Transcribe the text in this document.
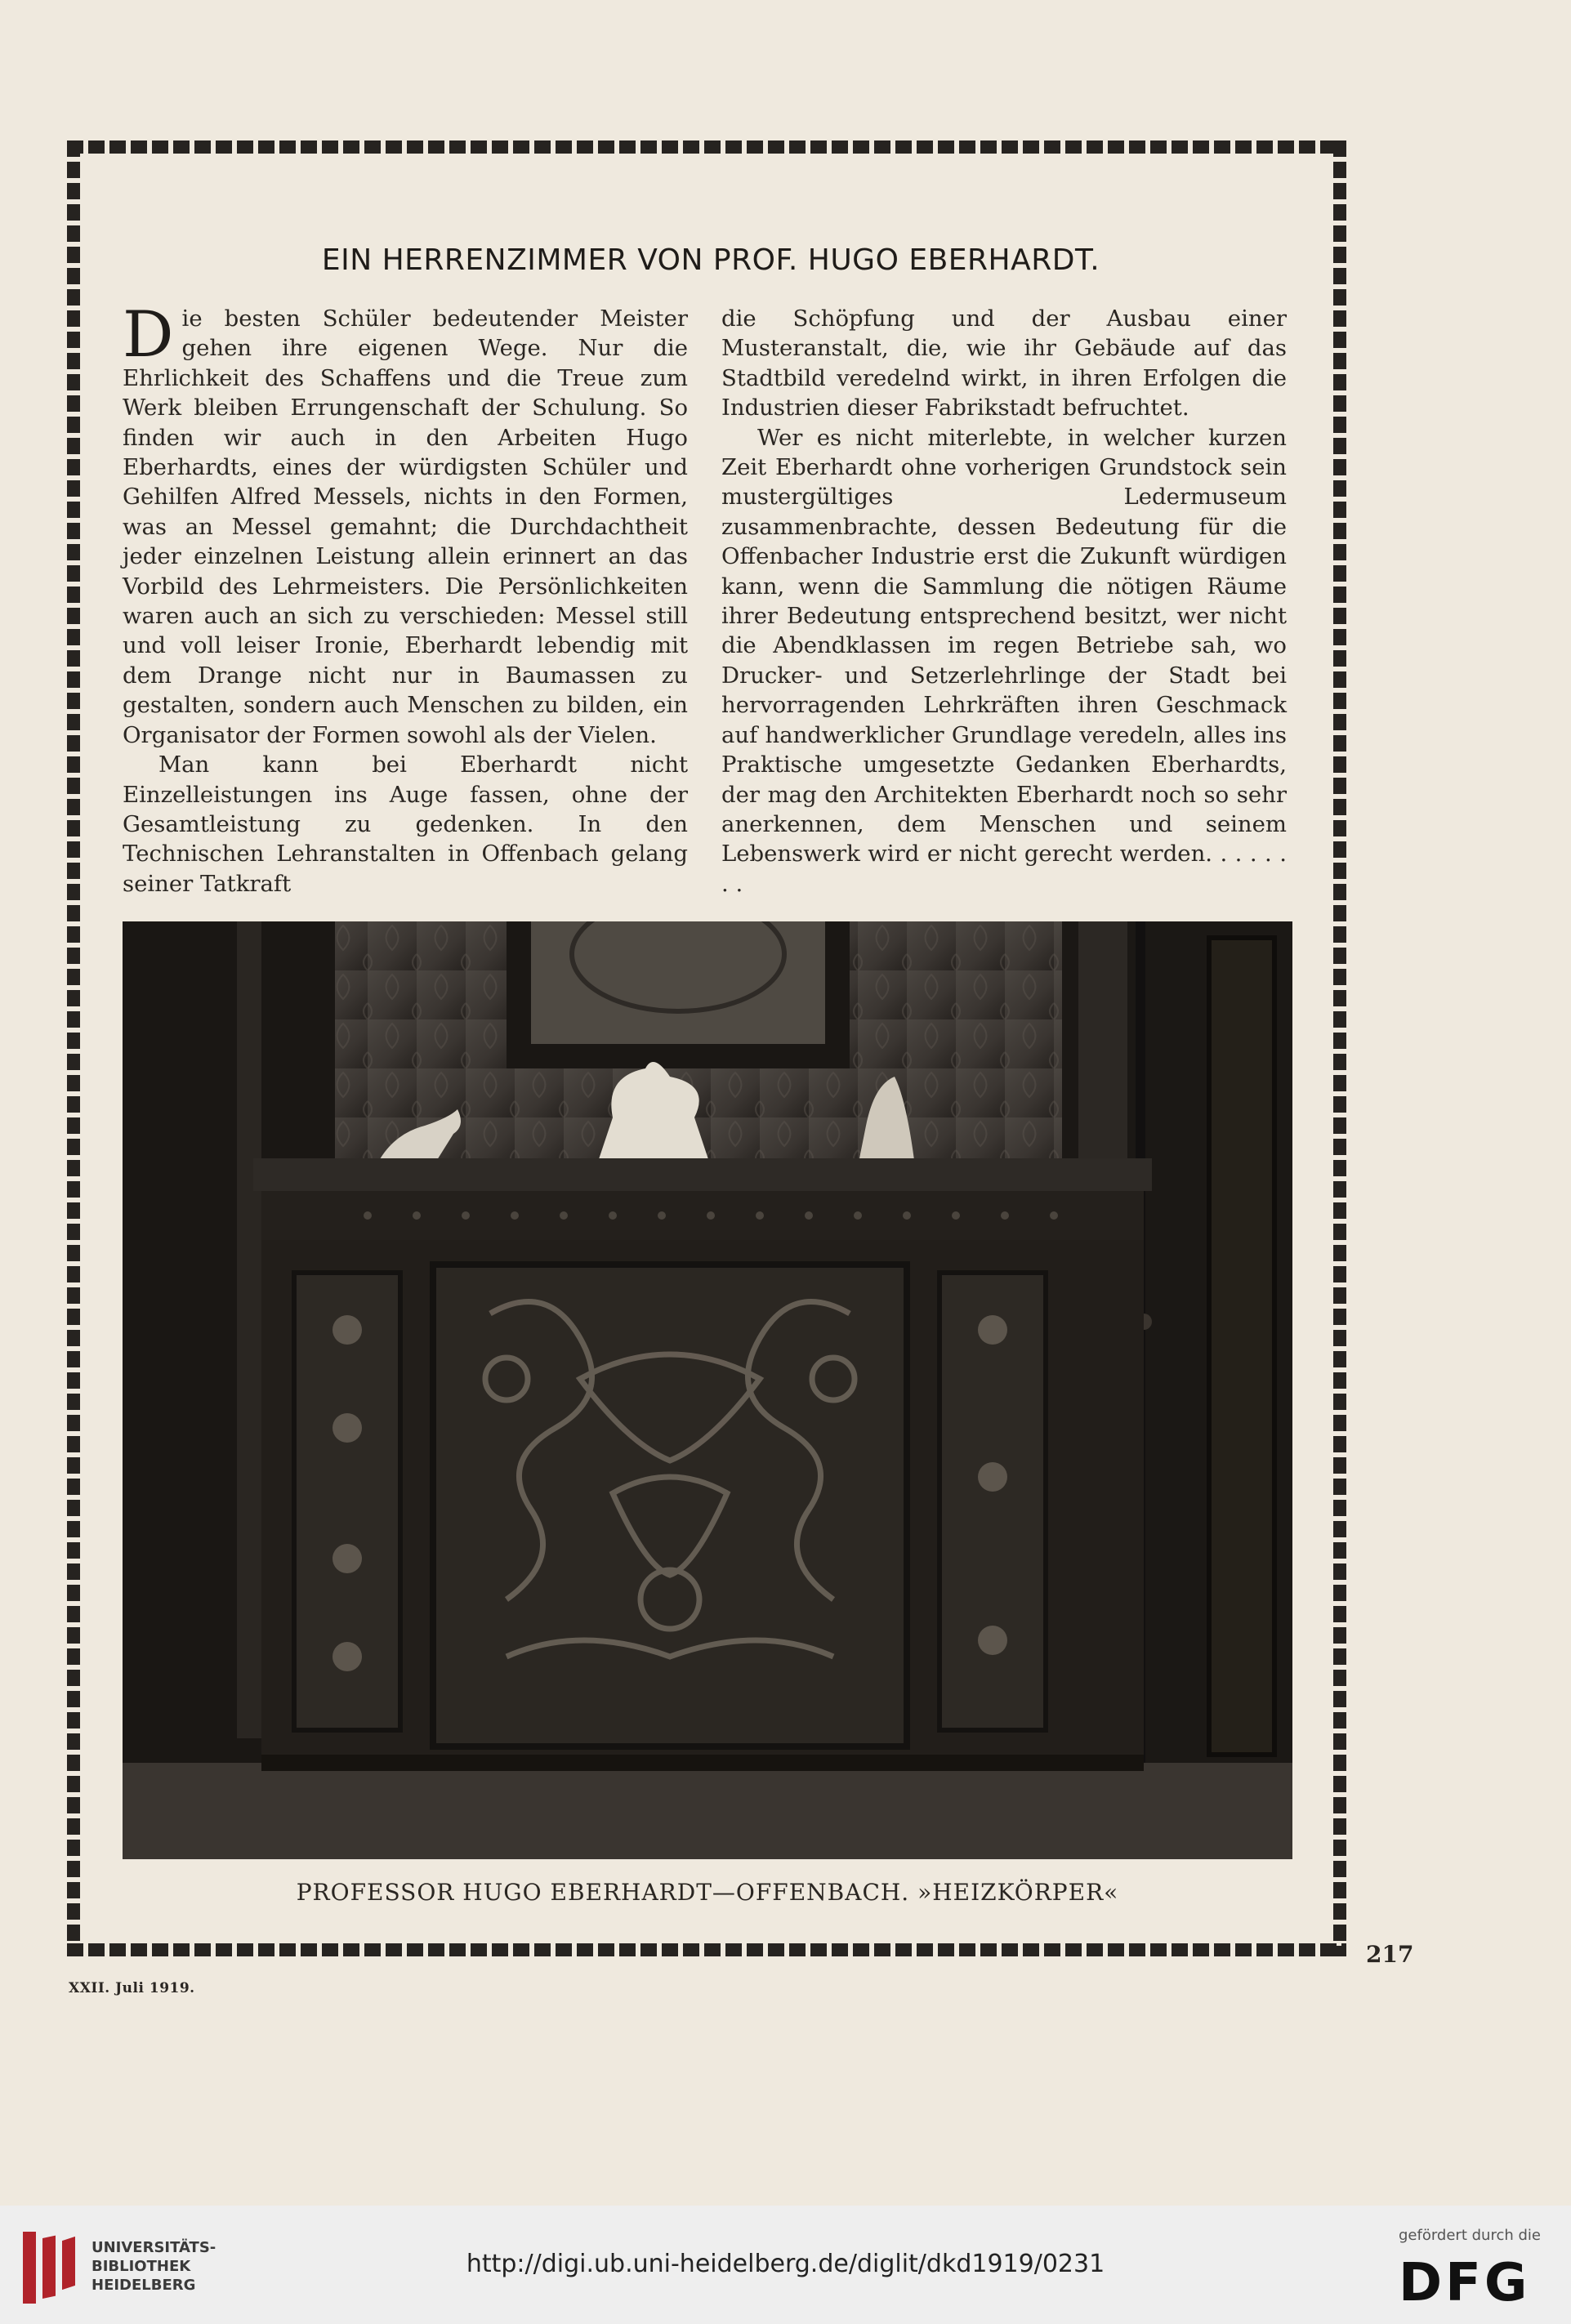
EIN HERRENZIMMER VON PROF. HUGO EBERHARDT.

Die besten Schüler bedeutender Meister gehen ihre eigenen Wege. Nur die Ehrlichkeit des Schaffens und die Treue zum Werk bleiben Errungenschaft der Schulung. So finden wir auch in den Arbeiten Hugo Eberhardts, eines der würdigsten Schüler und Gehilfen Alfred Messels, nichts in den Formen, was an Messel gemahnt; die Durchdachtheit jeder einzelnen Leistung allein erinnert an das Vorbild des Lehrmeisters. Die Persönlichkeiten waren auch an sich zu verschieden: Messel still und voll leiser Ironie, Eberhardt lebendig mit dem Drange nicht nur in Baumassen zu gestalten, sondern auch Menschen zu bilden, ein Organisator der Formen sowohl als der Vielen.

Man kann bei Eberhardt nicht Einzelleistungen ins Auge fassen, ohne der Gesamtleistung zu gedenken. In den Technischen Lehranstalten in Offenbach gelang seiner Tatkraft

die Schöpfung und der Ausbau einer Musteranstalt, die, wie ihr Gebäude auf das Stadtbild veredelnd wirkt, in ihren Erfolgen die Industrien dieser Fabrikstadt befruchtet.

Wer es nicht miterlebte, in welcher kurzen Zeit Eberhardt ohne vorherigen Grundstock sein mustergültiges Ledermuseum zusammenbrachte, dessen Bedeutung für die Offenbacher Industrie erst die Zukunft würdigen kann, wenn die Sammlung die nötigen Räume ihrer Bedeutung entsprechend besitzt, wer nicht die Abendklassen im regen Betriebe sah, wo Drucker- und Setzerlehrlinge der Stadt bei hervorragenden Lehrkräften ihren Geschmack auf handwerklicher Grundlage veredeln, alles ins Praktische umgesetzte Gedanken Eberhardts, der mag den Architekten Eberhardt noch so sehr anerkennen, dem Menschen und seinem Lebenswerk wird er nicht gerecht werden. . . . . . . .

PROFESSOR HUGO EBERHARDT—OFFENBACH. »HEIZKÖRPER«
217
XXII. Juli 1919.
UNIVERSITÄTS-
BIBLIOTHEK
HEIDELBERG
http://digi.ub.uni-heidelberg.de/diglit/dkd1919/0231
gefördert durch die
DFG
